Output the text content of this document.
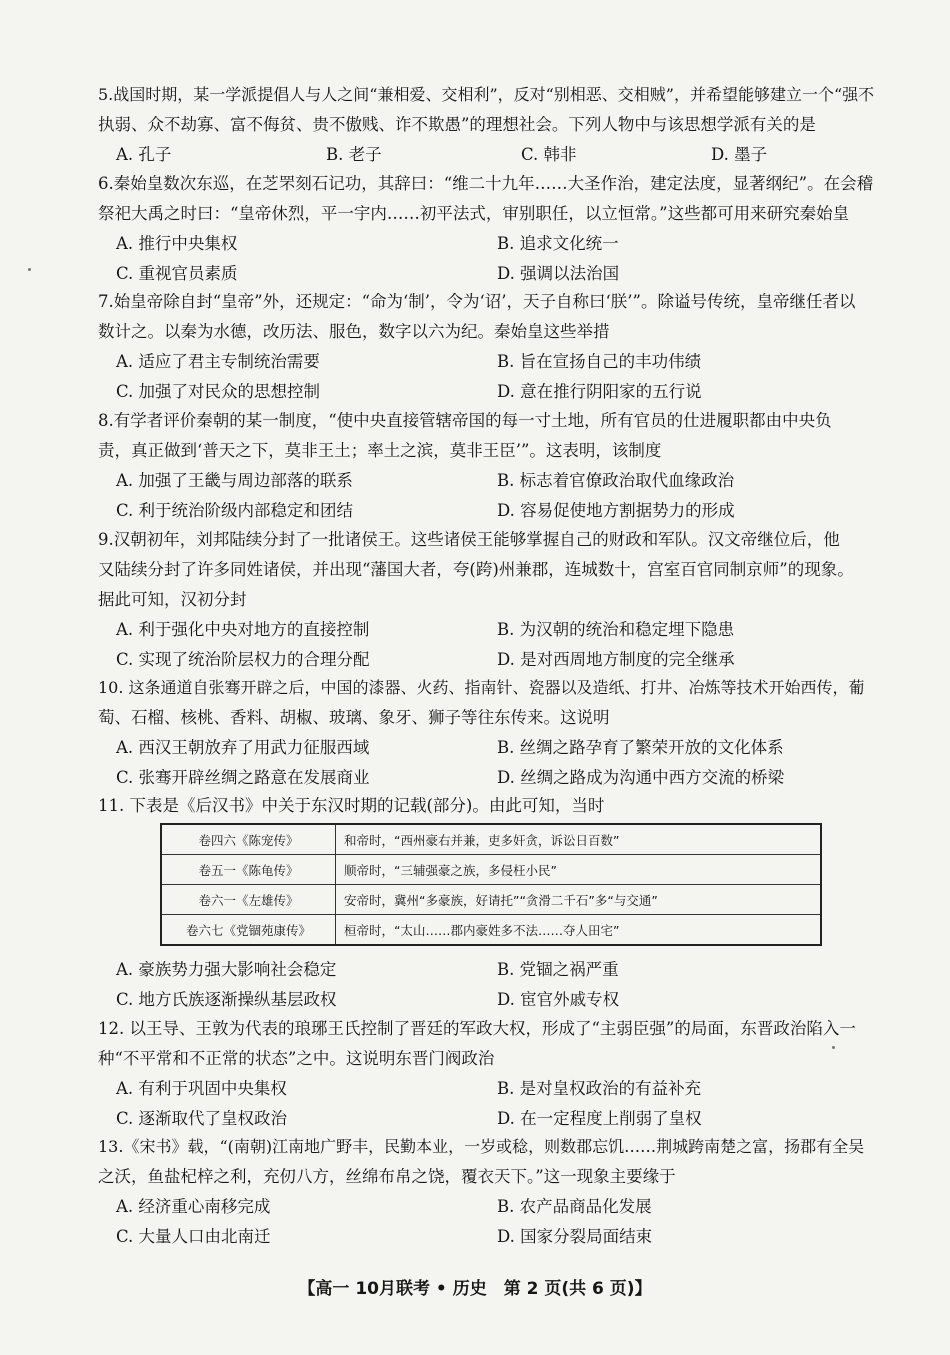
5.战国时期，某一学派提倡人与人之间“兼相爱、交相利”，反对“别相恶、交相贼”，并希望能够建立一个“强不
执弱、众不劫寡、富不侮贫、贵不傲贱、诈不欺愚”的理想社会。下列人物中与该思想学派有关的是
A. 孔子	B. 老子	C. 韩非	D. 墨子
6.秦始皇数次东巡，在芝罘刻石记功，其辞曰：“维二十九年……大圣作治，建定法度，显著纲纪”。在会稽
祭祀大禹之时曰：“皇帝休烈，平一宇内……初平法式，审别职任，以立恒常。”这些都可用来研究秦始皇
A. 推行中央集权	B. 追求文化统一
C. 重视官员素质	D. 强调以法治国
7.始皇帝除自封“皇帝”外，还规定：“命为‘制’，令为‘诏’，天子自称曰‘朕’”。除谥号传统，皇帝继任者以
数计之。以秦为水德，改历法、服色，数字以六为纪。秦始皇这些举措
A. 适应了君主专制统治需要	B. 旨在宣扬自己的丰功伟绩
C. 加强了对民众的思想控制	D. 意在推行阴阳家的五行说
8.有学者评价秦朝的某一制度，“使中央直接管辖帝国的每一寸土地，所有官员的仕进履职都由中央负
责，真正做到‘普天之下，莫非王土；率土之滨，莫非王臣’”。这表明，该制度
A. 加强了王畿与周边部落的联系	B. 标志着官僚政治取代血缘政治
C. 利于统治阶级内部稳定和团结	D. 容易促使地方割据势力的形成
9.汉朝初年，刘邦陆续分封了一批诸侯王。这些诸侯王能够掌握自己的财政和军队。汉文帝继位后，他
又陆续分封了许多同姓诸侯，并出现“藩国大者，夸(跨)州兼郡，连城数十，宫室百官同制京师”的现象。
据此可知，汉初分封
A. 利于强化中央对地方的直接控制	B. 为汉朝的统治和稳定埋下隐患
C. 实现了统治阶层权力的合理分配	D. 是对西周地方制度的完全继承
10. 这条通道自张骞开辟之后，中国的漆器、火药、指南针、瓷器以及造纸、打井、冶炼等技术开始西传，葡
萄、石榴、核桃、香料、胡椒、玻璃、象牙、狮子等往东传来。这说明
A. 西汉王朝放弃了用武力征服西域	B. 丝绸之路孕育了繁荣开放的文化体系
C. 张骞开辟丝绸之路意在发展商业	D. 丝绸之路成为沟通中西方交流的桥梁
11. 下表是《后汉书》中关于东汉时期的记载(部分)。由此可知，当时
卷四六《陈宠传》	和帝时，“西州豪右并兼，吏多奸贪，诉讼日百数”
卷五一《陈龟传》	顺帝时，“三辅强豪之族，多侵枉小民”
卷六一《左雄传》	安帝时，冀州“多豪族，好请托”“贪滑二千石”多“与交通”
卷六七《党锢苑康传》	桓帝时，“太山……郡内豪姓多不法……夺人田宅”
A. 豪族势力强大影响社会稳定	B. 党锢之祸严重
C. 地方氏族逐渐操纵基层政权	D. 宦官外戚专权
12. 以王导、王敦为代表的琅琊王氏控制了晋廷的军政大权，形成了“主弱臣强”的局面，东晋政治陷入一
种“不平常和不正常的状态”之中。这说明东晋门阀政治
A. 有利于巩固中央集权	B. 是对皇权政治的有益补充
C. 逐渐取代了皇权政治	D. 在一定程度上削弱了皇权
13.《宋书》载，“(南朝)江南地广野丰，民勤本业，一岁或稔，则数郡忘饥……荆城跨南楚之富，扬郡有全吴
之沃，鱼盐杞梓之利，充仞八方，丝绵布帛之饶，覆衣天下。”这一现象主要缘于
A. 经济重心南移完成	B. 农产品商品化发展
C. 大量人口由北南迁	D. 国家分裂局面结束
【高一 10月联考 • 历史　第 2 页(共 6 页)】
